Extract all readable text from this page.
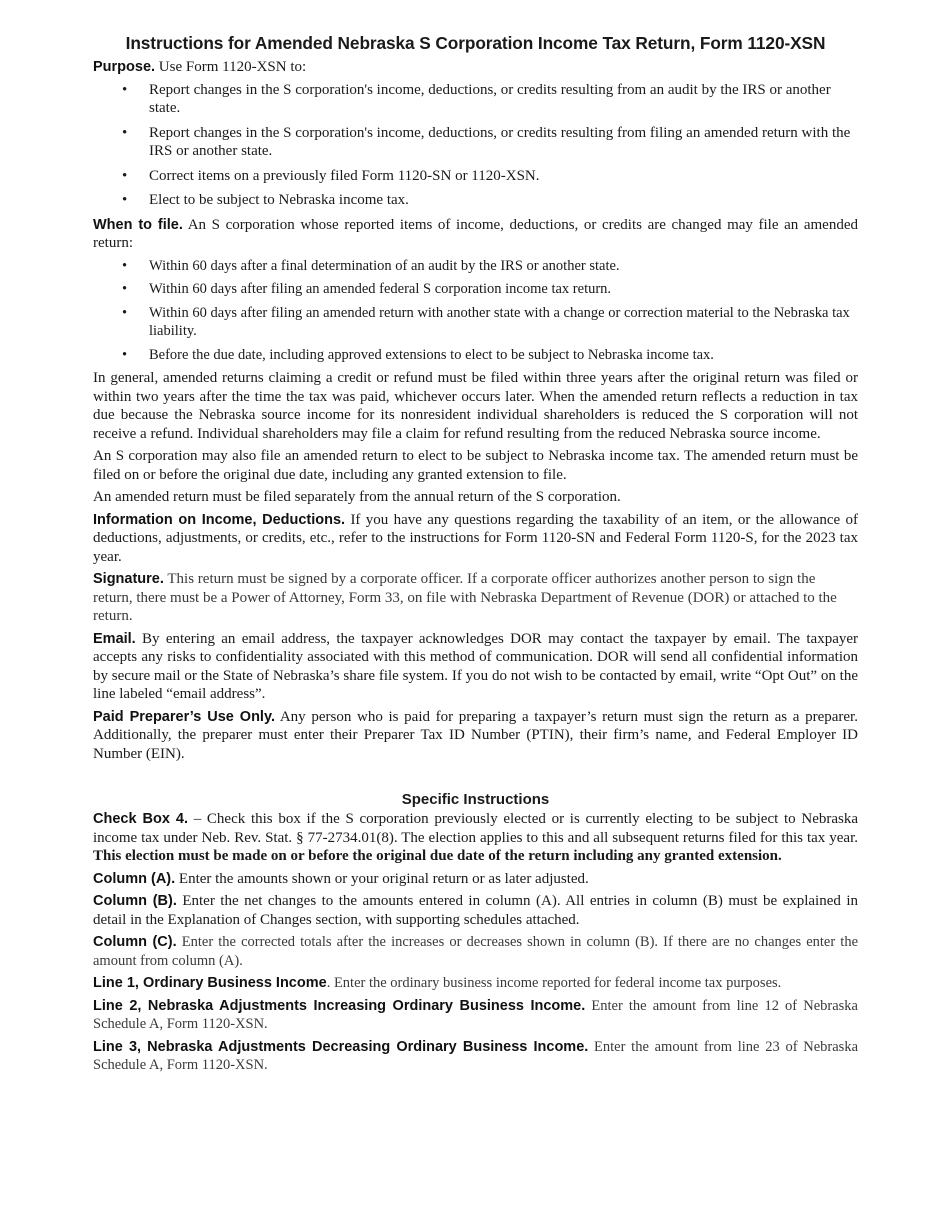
Instructions for Amended Nebraska S Corporation Income Tax Return, Form 1120-XSN

Purpose. Use Form 1120-XSN to:

• Report changes in the S corporation's income, deductions, or credits resulting from an audit by the IRS or another state.
• Report changes in the S corporation's income, deductions, or credits resulting from filing an amended return with the IRS or another state.
• Correct items on a previously filed Form 1120-SN or 1120-XSN.
• Elect to be subject to Nebraska income tax.

When to file. An S corporation whose reported items of income, deductions, or credits are changed may file an amended return:

• Within 60 days after a final determination of an audit by the IRS or another state.
• Within 60 days after filing an amended federal S corporation income tax return.
• Within 60 days after filing an amended return with another state with a change or correction material to the Nebraska tax liability.
• Before the due date, including approved extensions to elect to be subject to Nebraska income tax.

In general, amended returns claiming a credit or refund must be filed within three years after the original return was filed or within two years after the time the tax was paid, whichever occurs later. When the amended return reflects a reduction in tax due because the Nebraska source income for its nonresident individual shareholders is reduced the S corporation will not receive a refund. Individual shareholders may file a claim for refund resulting from the reduced Nebraska source income.

An S corporation may also file an amended return to elect to be subject to Nebraska income tax. The amended return must be filed on or before the original due date, including any granted extension to file.

An amended return must be filed separately from the annual return of the S corporation.

Information on Income, Deductions. If you have any questions regarding the taxability of an item, or the allowance of deductions, adjustments, or credits, etc., refer to the instructions for Form 1120-SN and Federal Form 1120-S, for the 2023 tax year.

Signature. This return must be signed by a corporate officer. If a corporate officer authorizes another person to sign the return, there must be a Power of Attorney, Form 33, on file with Nebraska Department of Revenue (DOR) or attached to the return.

Email. By entering an email address, the taxpayer acknowledges DOR may contact the taxpayer by email. The taxpayer accepts any risks to confidentiality associated with this method of communication. DOR will send all confidential information by secure mail or the State of Nebraska’s share file system. If you do not wish to be contacted by email, write “Opt Out” on the line labeled “email address”.

Paid Preparer’s Use Only. Any person who is paid for preparing a taxpayer’s return must sign the return as a preparer. Additionally, the preparer must enter their Preparer Tax ID Number (PTIN), their firm’s name, and Federal Employer ID Number (EIN).

Specific Instructions

Check Box 4. – Check this box if the S corporation previously elected or is currently electing to be subject to Nebraska income tax under Neb. Rev. Stat. § 77-2734.01(8). The election applies to this and all subsequent returns filed for this tax year. This election must be made on or before the original due date of the return including any granted extension.

Column (A). Enter the amounts shown or your original return or as later adjusted.

Column (B). Enter the net changes to the amounts entered in column (A). All entries in column (B) must be explained in detail in the Explanation of Changes section, with supporting schedules attached.

Column (C). Enter the corrected totals after the increases or decreases shown in column (B). If there are no changes enter the amount from column (A).

Line 1, Ordinary Business Income. Enter the ordinary business income reported for federal income tax purposes.

Line 2, Nebraska Adjustments Increasing Ordinary Business Income. Enter the amount from line 12 of Nebraska Schedule A, Form 1120-XSN.

Line 3, Nebraska Adjustments Decreasing Ordinary Business Income. Enter the amount from line 23 of Nebraska Schedule A, Form 1120-XSN.
